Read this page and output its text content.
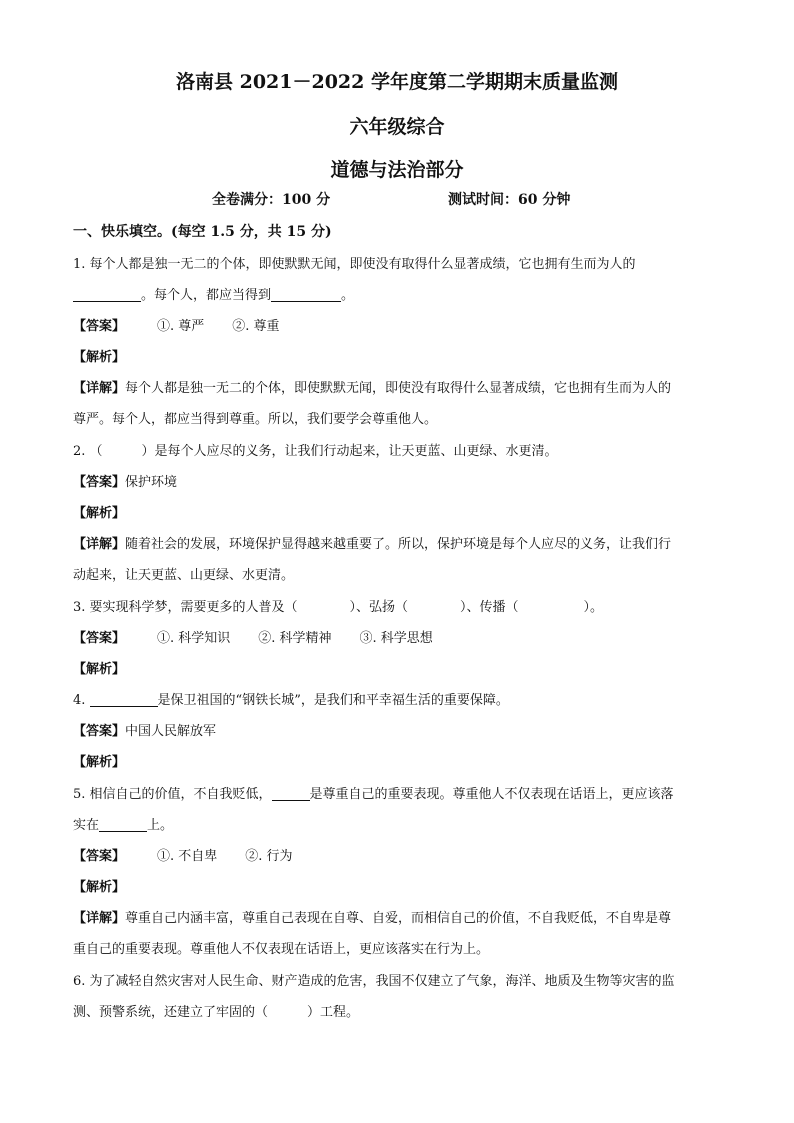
洛南县 2021－2022 学年度第二学期期末质量监测
六年级综合
道德与法治部分
全卷满分：100 分	测试时间：60 分钟
一、快乐填空。(每空 1.5 分，共 15 分)
1. 每个人都是独一无二的个体，即使默默无闻，即使没有取得什么显著成绩，它也拥有生而为人的
。每个人，都应当得到	。
【答案】 ①. 尊严 ②. 尊重
【解析】
【详解】每个人都是独一无二的个体，即使默默无闻，即使没有取得什么显著成绩，它也拥有生而为人的
尊严。每个人，都应当得到尊重。所以，我们要学会尊重他人。
2. （　　　）是每个人应尽的义务，让我们行动起来，让天更蓝、山更绿、水更清。
【答案】保护环境
【解析】
【详解】随着社会的发展，环境保护显得越来越重要了。所以，保护环境是每个人应尽的义务，让我们行
动起来，让天更蓝、山更绿、水更清。
3. 要实现科学梦，需要更多的人普及（　　　　）、弘扬（　　　　）、传播（　　　　　）。
【答案】 ①. 科学知识 ②. 科学精神 ③. 科学思想
【解析】
4.	是保卫祖国的“钢铁长城”，是我们和平幸福生活的重要保障。
【答案】中国人民解放军
【解析】
5. 相信自己的价值，不自我贬低，	是尊重自己的重要表现。尊重他人不仅表现在话语上，更应该落
实在	上。
【答案】 ①. 不自卑 ②. 行为
【解析】
【详解】尊重自己内涵丰富，尊重自己表现在自尊、自爱，而相信自己的价值，不自我贬低，不自卑是尊
重自己的重要表现。尊重他人不仅表现在话语上，更应该落实在行为上。
6. 为了减轻自然灾害对人民生命、财产造成的危害，我国不仅建立了气象，海洋、地质及生物等灾害的监
测、预警系统，还建立了牢固的（　　　）工程。
